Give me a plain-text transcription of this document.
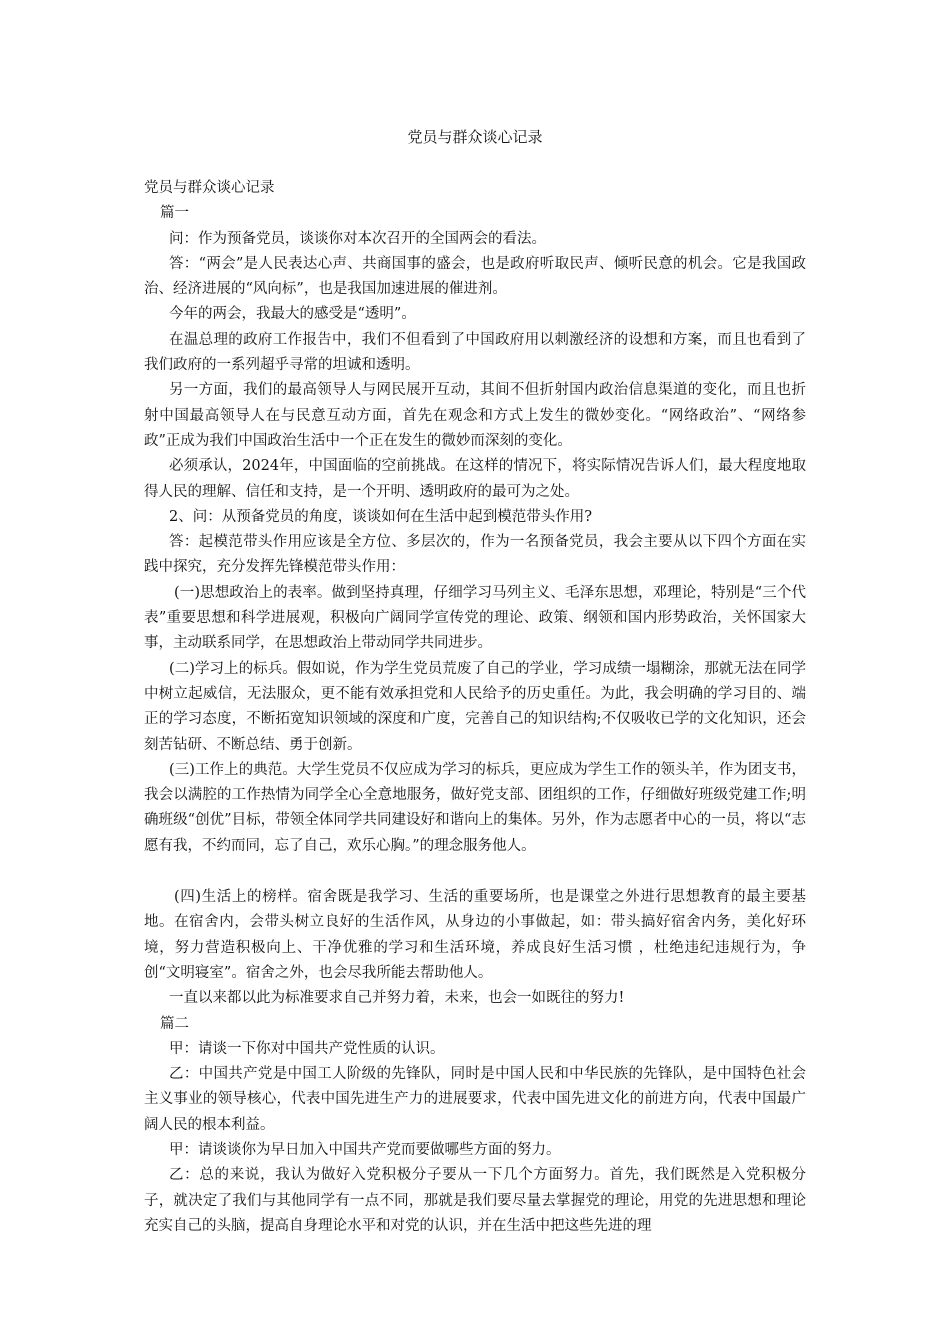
党员与群众谈心记录

党员与群众谈心记录

篇一

问：作为预备党员，谈谈你对本次召开的全国两会的看法。

答：“两会”是人民表达心声、共商国事的盛会，也是政府听取民声、倾听民意的机会。它是我国政治、经济进展的“风向标”，也是我国加速进展的催进剂。

今年的两会，我最大的感受是“透明”。

在温总理的政府工作报告中，我们不但看到了中国政府用以刺激经济的设想和方案，而且也看到了我们政府的一系列超乎寻常的坦诚和透明。

另一方面，我们的最高领导人与网民展开互动，其间不但折射国内政治信息渠道的变化，而且也折射中国最高领导人在与民意互动方面，首先在观念和方式上发生的微妙变化。“网络政治”、“网络参政”正成为我们中国政治生活中一个正在发生的微妙而深刻的变化。

必须承认，2024年，中国面临的空前挑战。在这样的情况下，将实际情况告诉人们，最大程度地取得人民的理解、信任和支持，是一个开明、透明政府的最可为之处。

2、问：从预备党员的角度，谈谈如何在生活中起到模范带头作用?

答：起模范带头作用应该是全方位、多层次的，作为一名预备党员，我会主要从以下四个方面在实践中探究，充分发挥先锋模范带头作用：

(一)思想政治上的表率。做到坚持真理，仔细学习马列主义、毛泽东思想，邓理论，特别是“三个代表”重要思想和科学进展观，积极向广阔同学宣传党的理论、政策、纲领和国内形势政治，关怀国家大事，主动联系同学，在思想政治上带动同学共同进步。

(二)学习上的标兵。假如说，作为学生党员荒废了自己的学业，学习成绩一塌糊涂，那就无法在同学中树立起威信，无法服众，更不能有效承担党和人民给予的历史重任。为此，我会明确的学习目的、端正的学习态度，不断拓宽知识领域的深度和广度，完善自己的知识结构;不仅吸收已学的文化知识，还会刻苦钻研、不断总结、勇于创新。

(三)工作上的典范。大学生党员不仅应成为学习的标兵，更应成为学生工作的领头羊，作为团支书，我会以满腔的工作热情为同学全心全意地服务，做好党支部、团组织的工作，仔细做好班级党建工作;明确班级“创优”目标，带领全体同学共同建设好和谐向上的集体。另外，作为志愿者中心的一员，将以“志愿有我，不约而同，忘了自己，欢乐心胸。”的理念服务他人。

(四)生活上的榜样。宿舍既是我学习、生活的重要场所，也是课堂之外进行思想教育的最主要基地。在宿舍内，会带头树立良好的生活作风，从身边的小事做起，如：带头搞好宿舍内务，美化好环境，努力营造积极向上、干净优雅的学习和生活环境，养成良好生活习惯 ，杜绝违纪违规行为，争创“文明寝室”。宿舍之外，也会尽我所能去帮助他人。

一直以来都以此为标准要求自己并努力着，未来，也会一如既往的努力!

篇二

甲：请谈一下你对中国共产党性质的认识。

乙：中国共产党是中国工人阶级的先锋队，同时是中国人民和中华民族的先锋队，是中国特色社会主义事业的领导核心，代表中国先进生产力的进展要求，代表中国先进文化的前进方向，代表中国最广阔人民的根本利益。

甲：请谈谈你为早日加入中国共产党而要做哪些方面的努力。

乙：总的来说，我认为做好入党积极分子要从一下几个方面努力。首先，我们既然是入党积极分子，就决定了我们与其他同学有一点不同，那就是我们要尽量去掌握党的理论，用党的先进思想和理论充实自己的头脑，提高自身理论水平和对党的认识，并在生活中把这些先进的理
